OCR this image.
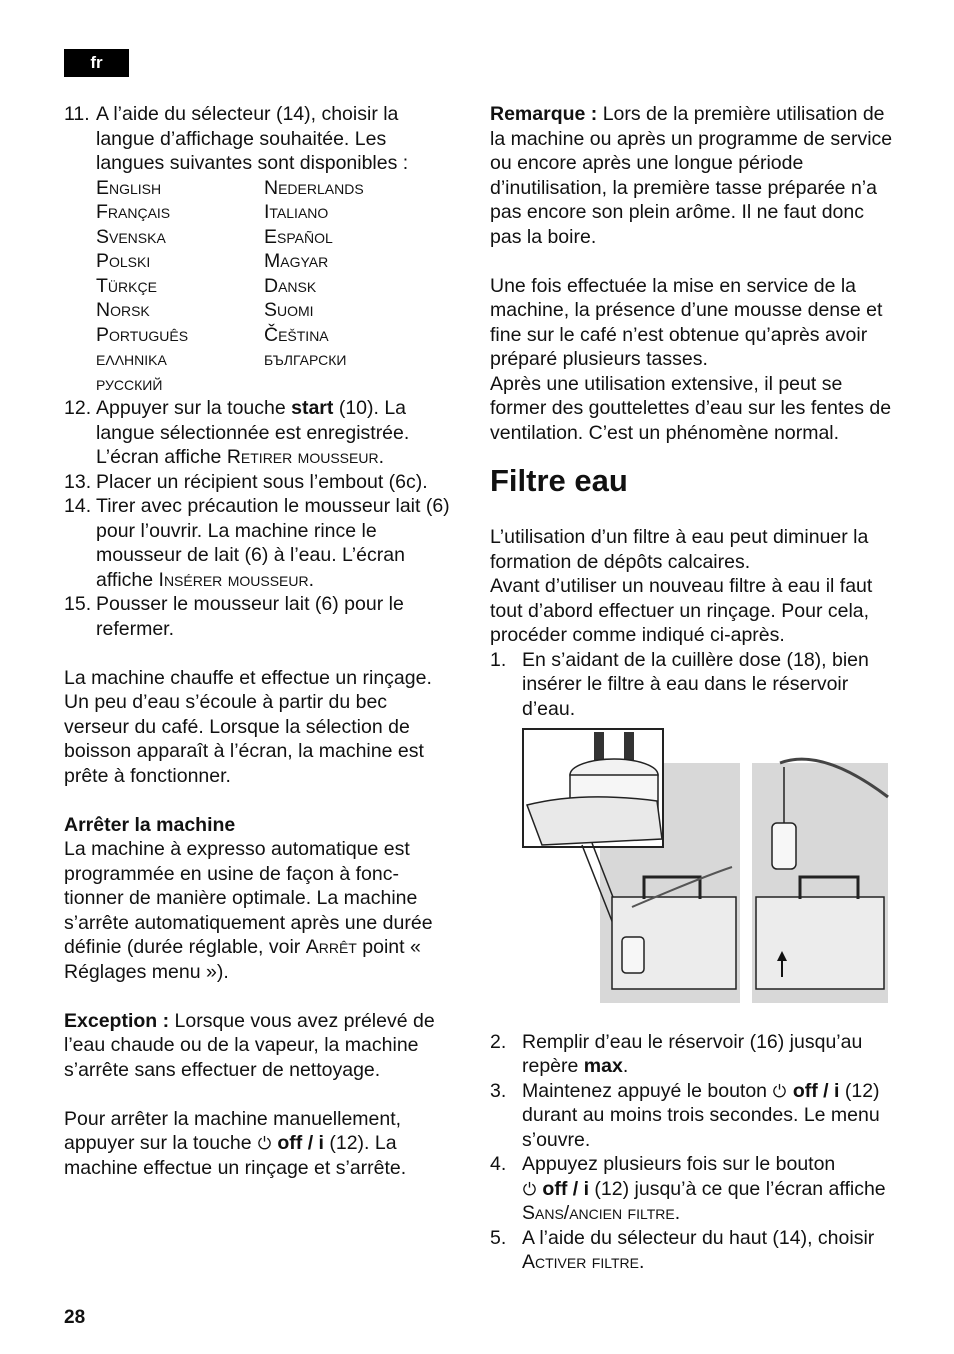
fr
11. A l’aide du sélecteur (14), choisir la langue d’affichage souhaitée. Les langues suivantes sont disponibles :
English	Nederlands
Français	Italiano
Svenska	Español
Polski	Magyar
Türkçe	Dansk
Norsk	Suomi
Português	Čeština
ελληνικα	български
русский
12. Appuyer sur la touche start (10). La langue sélectionnée est enregistrée. L’écran affiche Retirer mousseur.
13. Placer un récipient sous l’embout (6c).
14. Tirer avec précaution le mousseur lait (6) pour l’ouvrir. La machine rince le mousseur de lait (6) à l’eau. L’écran affiche Insérer mousseur.
15. Pousser le mousseur lait (6) pour le refermer.

La machine chauffe et effectue un rinçage. Un peu d’eau s’écoule à partir du bec verseur du café. Lorsque la sélection de boisson apparaît à l’écran, la machine est prête à fonctionner.

Arrêter la machine

La machine à expresso automatique est programmée en usine de façon à fonc-tionner de manière optimale. La machine s’arrête automatiquement après une durée définie (durée réglable, voir Arrêt point « Réglages menu »).

Exception : Lorsque vous avez prélevé de l’eau chaude ou de la vapeur, la machine s’arrête sans effectuer de nettoyage.

Pour arrêter la machine manuellement, appuyer sur la touche  off / i (12). La machine effectue un rinçage et s’arrête.

Remarque : Lors de la première utilisation de la machine ou après un programme de service ou encore après une longue période d’inutilisation, la première tasse préparée n’a pas encore son plein arôme. Il ne faut donc pas la boire.

Une fois effectuée la mise en service de la machine, la présence d’une mousse dense et fine sur le café n’est obtenue qu’après avoir préparé plusieurs tasses.

Après une utilisation extensive, il peut se former des gouttelettes d’eau sur les fentes de ventilation. C’est un phénomène normal.

Filtre eau

L’utilisation d’un filtre à eau peut diminuer la formation de dépôts calcaires.

Avant d’utiliser un nouveau filtre à eau il faut tout d’abord effectuer un rinçage. Pour cela, procéder comme indiqué ci-après.

1. En s’aidant de la cuillère dose (18), bien insérer le filtre à eau dans le réservoir d’eau.
2. Remplir d’eau le réservoir (16) jusqu’au repère max.
3. Maintenez appuyé le bouton  off / i (12) durant au moins trois secondes. Le menu s’ouvre.
4. Appuyez plusieurs fois sur le bouton
off / i (12) jusqu’à ce que l’écran affiche Sans/ancien filtre.
5. A l’aide du sélecteur du haut (14), choisir Activer filtre.
28
